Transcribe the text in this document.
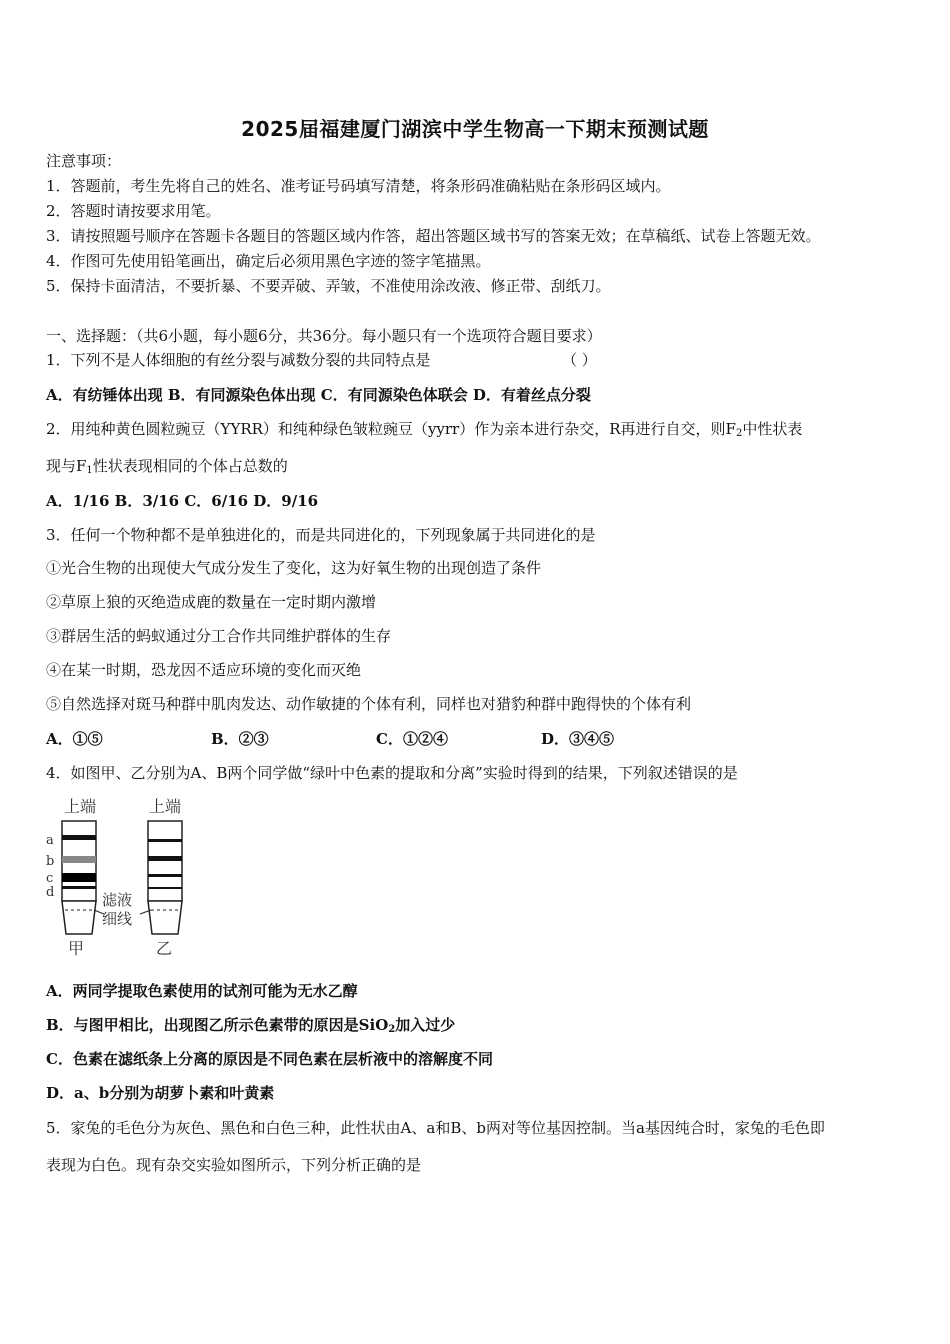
2025届福建厦门湖滨中学生物高一下期末预测试题
注意事项：
1．答题前，考生先将自己的姓名、准考证号码填写清楚，将条形码准确粘贴在条形码区域内。
2．答题时请按要求用笔。
3．请按照题号顺序在答题卡各题目的答题区域内作答，超出答题区域书写的答案无效；在草稿纸、试卷上答题无效。
4．作图可先使用铅笔画出，确定后必须用黑色字迹的签字笔描黑。
5．保持卡面清洁，不要折暴、不要弄破、弄皱，不准使用涂改液、修正带、刮纸刀。
一、选择题：（共6小题，每小题6分，共36分。每小题只有一个选项符合题目要求）
1．下列不是人体细胞的有丝分裂与减数分裂的共同特点是	（ ）
A．有纺锤体出现 B．有同源染色体出现 C．有同源染色体联会 D．有着丝点分裂
2．用纯种黄色圆粒豌豆（YYRR）和纯种绿色皱粒豌豆（yyrr）作为亲本进行杂交，R再进行自交，则$F_2$中性状表
现与$F_1$性状表现相同的个体占总数的
A．1/16 B．3/16 C．6/16 D．9/16
3．任何一个物种都不是单独进化的，而是共同进化的，下列现象属于共同进化的是
①光合生物的出现使大气成分发生了变化，这为好氧生物的出现创造了条件
②草原上狼的灭绝造成鹿的数量在一定时期内激增
③群居生活的蚂蚁通过分工合作共同维护群体的生存
④在某一时期，恐龙因不适应环境的变化而灭绝
⑤自然选择对斑马种群中肌肉发达、动作敏捷的个体有利，同样也对猎豹种群中跑得快的个体有利
A．①⑤	B．②③	C．①②④	D．③④⑤
4．如图甲、乙分别为A、B两个同学做“绿叶中色素的提取和分离”实验时得到的结果，下列叙述错误的是
上端	上端
a
b
c
d	滤液
细线
甲	乙
A．两同学提取色素使用的试剂可能为无水乙醇
B．与图甲相比，出现图乙所示色素带的原因是SiO$_2$加入过少
C．色素在滤纸条上分离的原因是不同色素在层析液中的溶解度不同
D．a、b分别为胡萝卜素和叶黄素
5．家兔的毛色分为灰色、黑色和白色三种，此性状由A、a和B、b两对等位基因控制。当a基因纯合时，家兔的毛色即
表现为白色。现有杂交实验如图所示，下列分析正确的是
